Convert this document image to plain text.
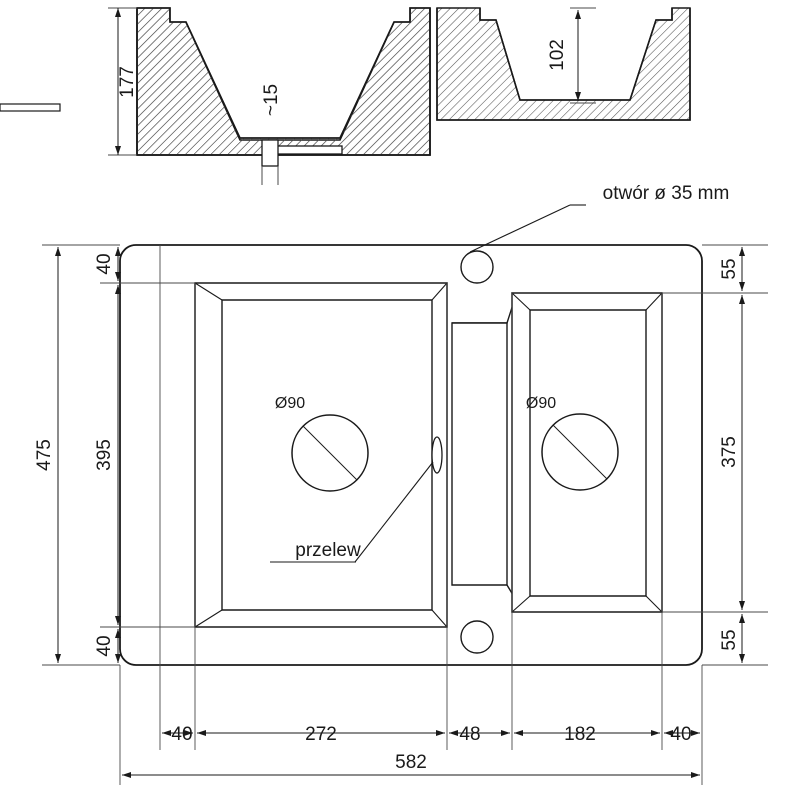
177
~15
102
Ø90
przelew
Ø90
otwór ø 35 mm
475 395
40
40
55
375
55
40	272	48	182	40
582
